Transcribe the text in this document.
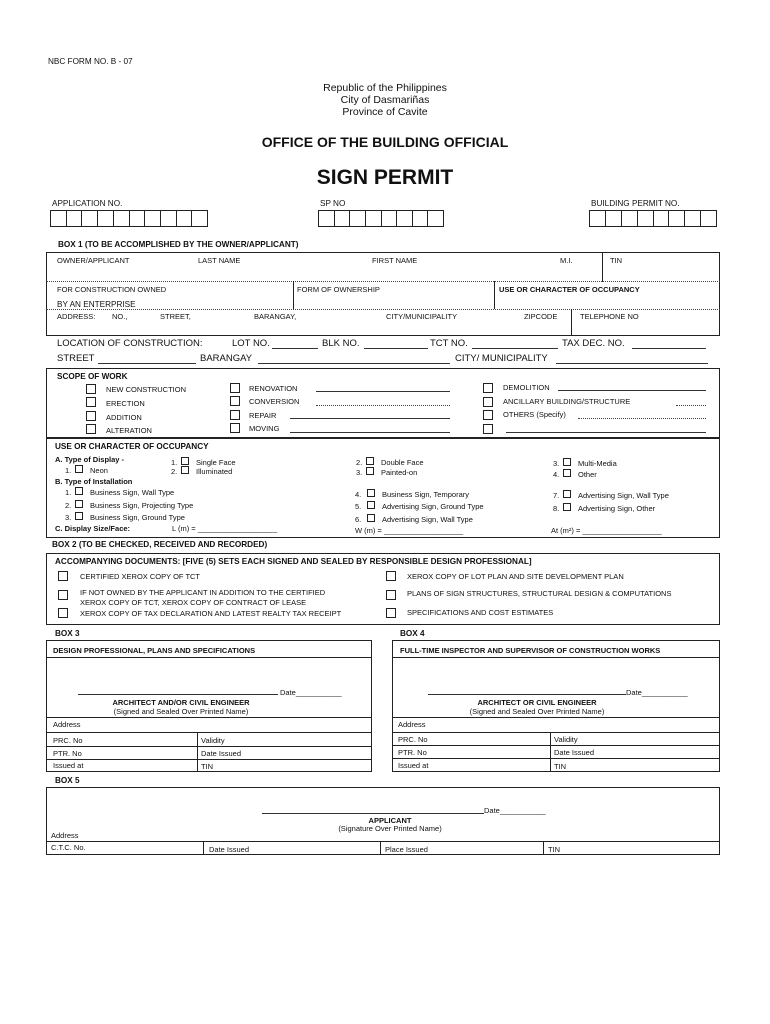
NBC FORM NO. B - 07
Republic of the Philippines
City of Dasmariñas
Province of Cavite
OFFICE OF THE BUILDING OFFICIAL
SIGN PERMIT
APPLICATION NO.	SP NO	BUILDING PERMIT NO.
BOX 1 (TO BE ACCOMPLISHED BY THE OWNER/APPLICANT)
OWNER/APPLICANT	LAST NAME	FIRST NAME	M.I.	TIN
FOR CONSTRUCTION OWNED	FORM OF OWNERSHIP	USE OR CHARACTER OF OCCUPANCY
BY AN ENTERPRISE
ADDRESS: NO.,	STREET,	BARANGAY,	CITY/MUNICIPALITY	ZIPCODE	TELEPHONE NO
LOCATION OF CONSTRUCTION:	LOT NO.	BLK NO.	TCT NO.	TAX DEC. NO.
STREET	BARANGAY	CITY/ MUNICIPALITY
SCOPE OF WORK
NEW CONSTRUCTION
ERECTION
ADDITION
ALTERATION
RENOVATION
CONVERSION
REPAIR
MOVING
DEMOLITION
ANCILLARY BUILDING/STRUCTURE
OTHERS (Specify)
USE OR CHARACTER OF OCCUPANCY
A. Type of Display -
1. Neon
1. Single Face
2. Illuminated
2. Double Face
3. Painted-on
3. Multi-Media
4. Other
B. Type of Installation
1. Business Sign, Wall Type
2. Business Sign, Projecting Type
3. Business Sign, Ground Type
4.	Business Sign, Temporary
5.	Advertising Sign, Ground Type
6.	Advertising Sign, Wall Type
7. Advertising Sign, Wall Type
8. Advertising Sign, Other
C. Display Size/Face:	L (m) = ___________________	W (m) = ___________________	At (m²) = ___________________
BOX 2 (TO BE CHECKED, RECEIVED AND RECORDED)
ACCOMPANYING DOCUMENTS: [FIVE (5) SETS EACH SIGNED AND SEALED BY RESPONSIBLE DESIGN PROFESSIONAL]
CERTIFIED XEROX COPY OF TCT
IF NOT OWNED BY THE APPLICANT IN ADDITION TO THE CERTIFIED
XEROX COPY OF TCT, XEROX COPY OF CONTRACT OF LEASE
XEROX COPY OF TAX DECLARATION AND LATEST REALTY TAX RECEIPT
XEROX COPY OF LOT PLAN AND SITE DEVELOPMENT PLAN
PLANS OF SIGN STRUCTURES, STRUCTURAL DESIGN & COMPUTATIONS
SPECIFICATIONS AND COST ESTIMATES
BOX 3
DESIGN PROFESSIONAL, PLANS AND SPECIFICATIONS
Date___________
ARCHITECT AND/OR CIVIL ENGINEER
(Signed and Sealed Over Printed Name)
Address
PRC. No	Validity
PTR. No	Date Issued
Issued at	TIN
BOX 4
FULL-TIME INSPECTOR AND SUPERVISOR OF CONSTRUCTION WORKS
Date___________
ARCHITECT OR CIVIL ENGINEER
(Signed and Sealed Over Printed Name)
Address
PRC. No	Validity
PTR. No	Date Issued
Issued at	TIN
BOX 5
Date___________
APPLICANT
(Signature Over Printed Name)
Address
C.T.C. No.	Date Issued	Place Issued	TIN
